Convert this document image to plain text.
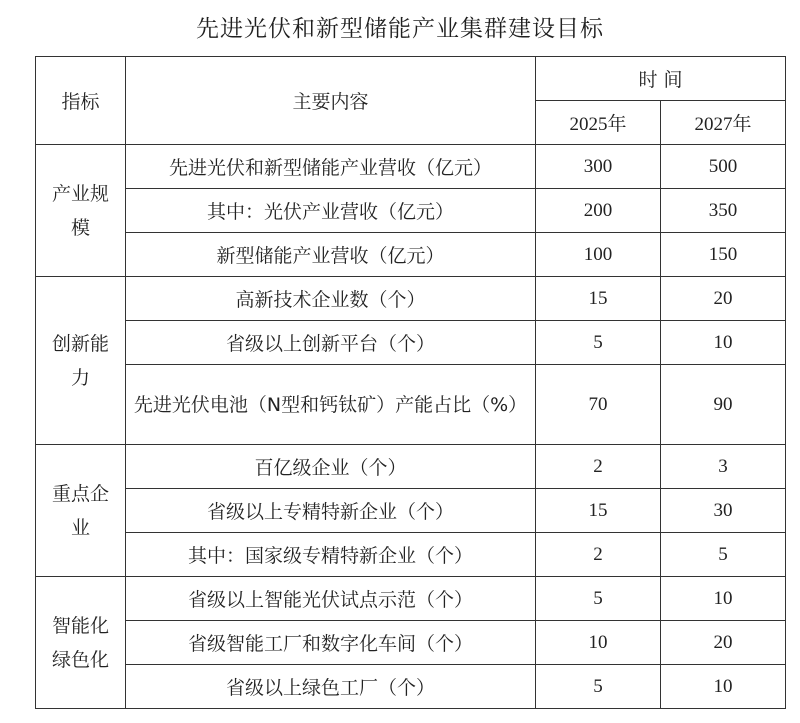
先进光伏和新型储能产业集群建设目标
指标	主要内容	时 间	
		2025年	2027年
产业规模	先进光伏和新型储能产业营收（亿元）	300	500
	其中：光伏产业营收（亿元）	200	350
	新型储能产业营收（亿元）	100	150
创新能力	高新技术企业数（个）	15	20
	省级以上创新平台（个）	5	10
	先进光伏电池（N型和钙钛矿）产能占比（%）	70	90
重点企业	百亿级企业（个）	2	3
	省级以上专精特新企业（个）	15	30
	其中：国家级专精特新企业（个）	2	5
智能化绿色化	省级以上智能光伏试点示范（个）	5	10
	省级智能工厂和数字化车间（个）	10	20
	省级以上绿色工厂（个）	5	10
